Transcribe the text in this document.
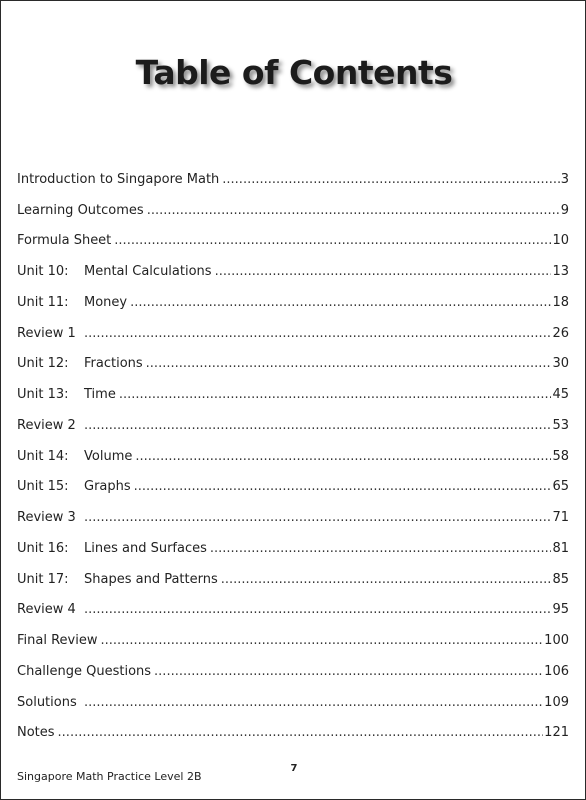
Table of Contents
Introduction to Singapore Math .....	3
Learning Outcomes .....	9
Formula Sheet .....	10
Unit 10:	Mental Calculations .....	13
Unit 11:	Money .....	18
Review 1 .....	26
Unit 12:	Fractions .....	30
Unit 13:	Time .....	45
Review 2 .....	53
Unit 14:	Volume .....	58
Unit 15:	Graphs .....	65
Review 3 .....	71
Unit 16:	Lines and Surfaces .....	81
Unit 17:	Shapes and Patterns .....	85
Review 4 .....	95
Final Review .....	100
Challenge Questions .....	106
Solutions .....	109
Notes .....	121
7
Singapore Math Practice Level 2B
